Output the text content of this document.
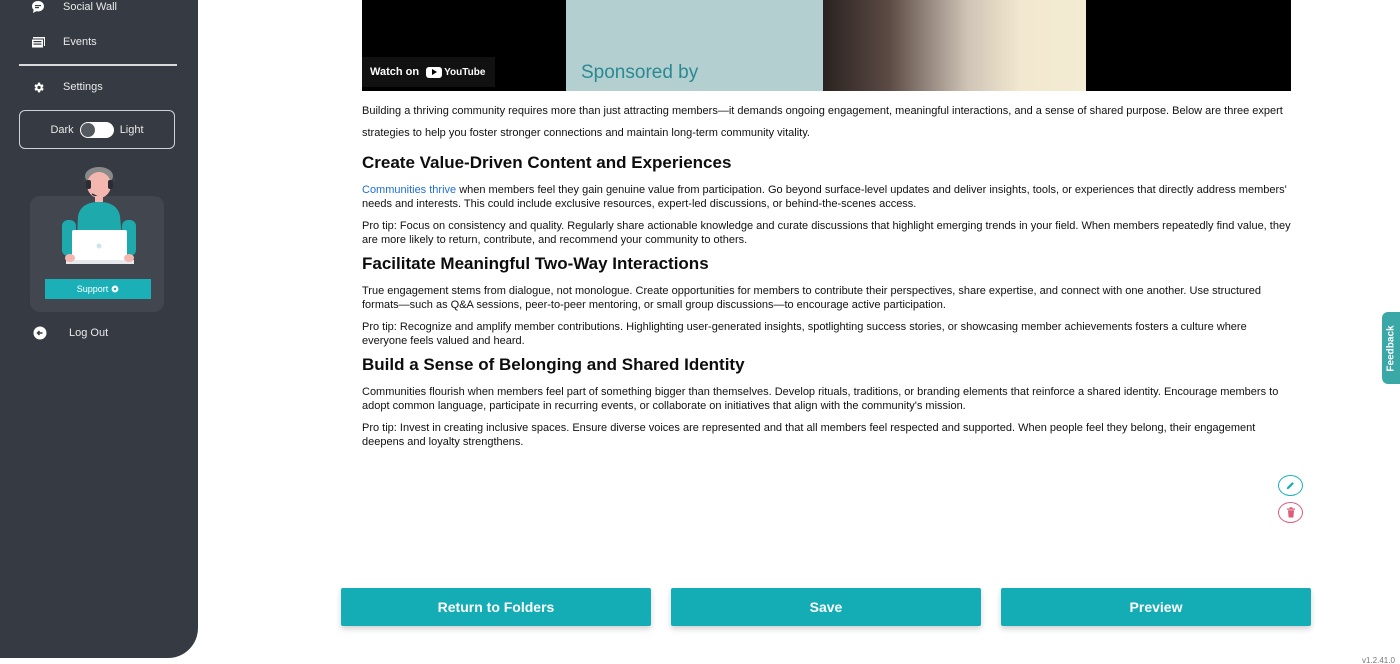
Social Wall
Events
Settings
Dark	Light
Support
Log Out
Sponsored by
Watch on	YouTube

Building a thriving community requires more than just attracting members—it demands ongoing engagement, meaningful interactions, and a sense of shared purpose. Below are three expert strategies to help you foster stronger connections and maintain long-term community vitality.

Create Value-Driven Content and Experiences

Communities thrive when members feel they gain genuine value from participation. Go beyond surface-level updates and deliver insights, tools, or experiences that directly address members' needs and interests. This could include exclusive resources, expert-led discussions, or behind-the-scenes access.

Pro tip: Focus on consistency and quality. Regularly share actionable knowledge and curate discussions that highlight emerging trends in your field. When members repeatedly find value, they are more likely to return, contribute, and recommend your community to others.

Facilitate Meaningful Two-Way Interactions

True engagement stems from dialogue, not monologue. Create opportunities for members to contribute their perspectives, share expertise, and connect with one another. Use structured formats—such as Q&A sessions, peer-to-peer mentoring, or small group discussions—to encourage active participation.

Pro tip: Recognize and amplify member contributions. Highlighting user-generated insights, spotlighting success stories, or showcasing member achievements fosters a culture where everyone feels valued and heard.

Build a Sense of Belonging and Shared Identity

Communities flourish when members feel part of something bigger than themselves. Develop rituals, traditions, or branding elements that reinforce a shared identity. Encourage members to adopt common language, participate in recurring events, or collaborate on initiatives that align with the community's mission.

Pro tip: Invest in creating inclusive spaces. Ensure diverse voices are represented and that all members feel respected and supported. When people feel they belong, their engagement deepens and loyalty strengthens.

Return to Folders	Save	Preview
Feedback
v1.2.41.0
